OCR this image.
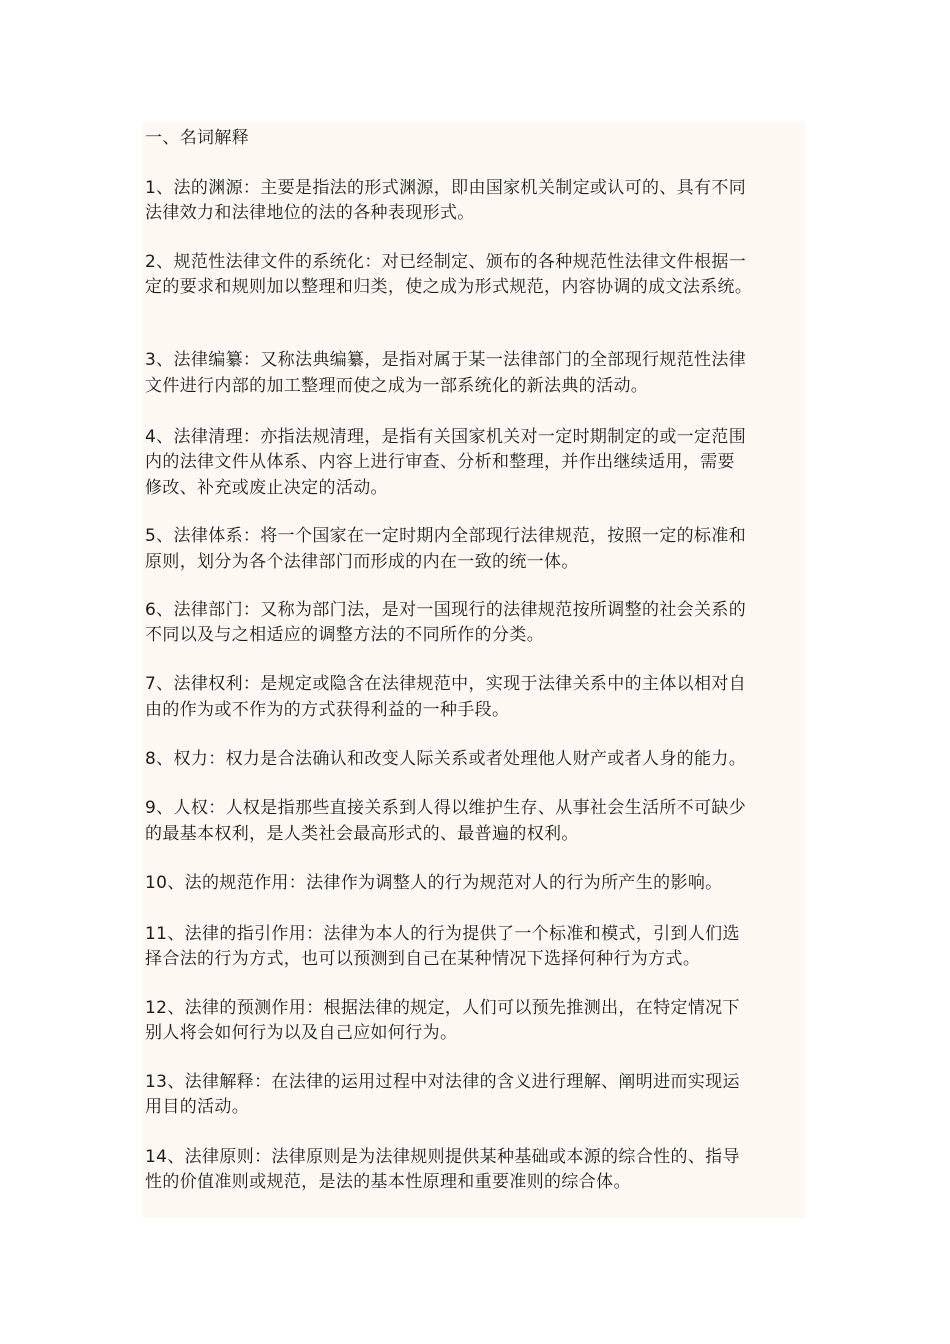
一、名词解释
1、法的渊源：主要是指法的形式渊源，即由国家机关制定或认可的、具有不同
法律效力和法律地位的法的各种表现形式。
2、规范性法律文件的系统化：对已经制定、颁布的各种规范性法律文件根据一
定的要求和规则加以整理和归类，使之成为形式规范，内容协调的成文法系统。
3、法律编纂：又称法典编纂，是指对属于某一法律部门的全部现行规范性法律
文件进行内部的加工整理而使之成为一部系统化的新法典的活动。
4、法律清理：亦指法规清理，是指有关国家机关对一定时期制定的或一定范围
内的法律文件从体系、内容上进行审查、分析和整理，并作出继续适用，需要
修改、补充或废止决定的活动。
5、法律体系：将一个国家在一定时期内全部现行法律规范，按照一定的标准和
原则，划分为各个法律部门而形成的内在一致的统一体。
6、法律部门：又称为部门法，是对一国现行的法律规范按所调整的社会关系的
不同以及与之相适应的调整方法的不同所作的分类。
7、法律权利：是规定或隐含在法律规范中，实现于法律关系中的主体以相对自
由的作为或不作为的方式获得利益的一种手段。
8、权力：权力是合法确认和改变人际关系或者处理他人财产或者人身的能力。
9、人权：人权是指那些直接关系到人得以维护生存、从事社会生活所不可缺少
的最基本权利，是人类社会最高形式的、最普遍的权利。
10、法的规范作用：法律作为调整人的行为规范对人的行为所产生的影响。
11、法律的指引作用：法律为本人的行为提供了一个标准和模式，引到人们选
择合法的行为方式，也可以预测到自己在某种情况下选择何种行为方式。
12、法律的预测作用：根据法律的规定，人们可以预先推测出，在特定情况下
别人将会如何行为以及自己应如何行为。
13、法律解释：在法律的运用过程中对法律的含义进行理解、阐明进而实现运
用目的活动。
14、法律原则：法律原则是为法律规则提供某种基础或本源的综合性的、指导
性的价值准则或规范，是法的基本性原理和重要准则的综合体。
